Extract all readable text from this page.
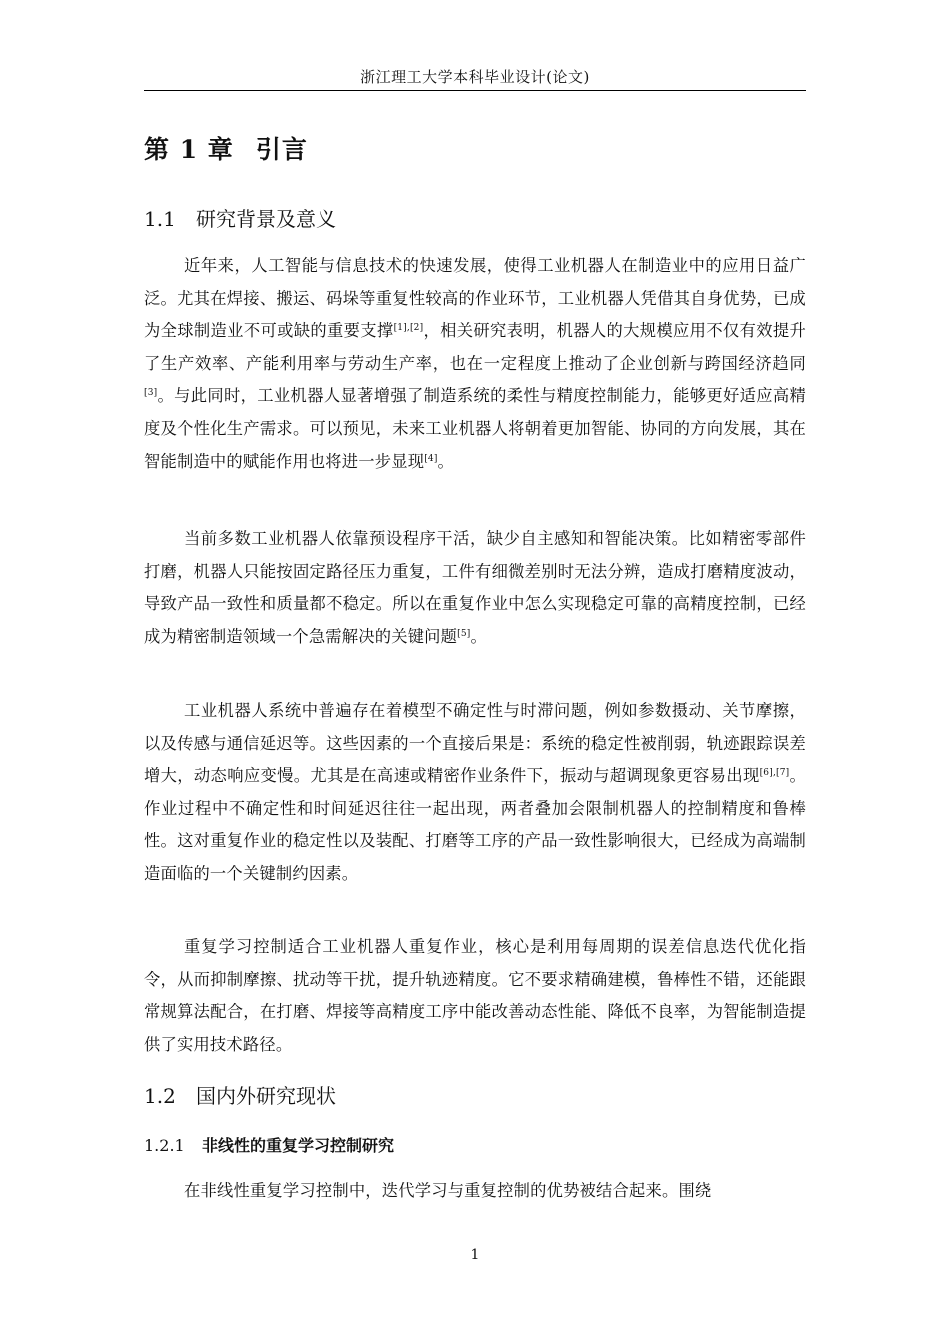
浙江理工大学本科毕业设计(论文)
第 1 章 引言
1.1 研究背景及意义

近年来，人工智能与信息技术的快速发展，使得工业机器人在制造业中的应用日益广泛。尤其在焊接、搬运、码垛等重复性较高的作业环节，工业机器人凭借其自身优势，已成为全球制造业不可或缺的重要支撑[1],[2]，相关研究表明，机器人的大规模应用不仅有效提升了生产效率、产能利用率与劳动生产率，也在一定程度上推动了企业创新与跨国经济趋同[3]。与此同时，工业机器人显著增强了制造系统的柔性与精度控制能力，能够更好适应高精度及个性化生产需求。可以预见，未来工业机器人将朝着更加智能、协同的方向发展，其在智能制造中的赋能作用也将进一步显现[4]。

当前多数工业机器人依靠预设程序干活，缺少自主感知和智能决策。比如精密零部件打磨，机器人只能按固定路径压力重复，工件有细微差别时无法分辨，造成打磨精度波动，导致产品一致性和质量都不稳定。所以在重复作业中怎么实现稳定可靠的高精度控制，已经成为精密制造领域一个急需解决的关键问题[5]。

工业机器人系统中普遍存在着模型不确定性与时滞问题，例如参数摄动、关节摩擦，以及传感与通信延迟等。这些因素的一个直接后果是：系统的稳定性被削弱，轨迹跟踪误差增大，动态响应变慢。尤其是在高速或精密作业条件下，振动与超调现象更容易出现[6],[7]。作业过程中不确定性和时间延迟往往一起出现，两者叠加会限制机器人的控制精度和鲁棒性。这对重复作业的稳定性以及装配、打磨等工序的产品一致性影响很大，已经成为高端制造面临的一个关键制约因素。

重复学习控制适合工业机器人重复作业，核心是利用每周期的误差信息迭代优化指令，从而抑制摩擦、扰动等干扰，提升轨迹精度。它不要求精确建模，鲁棒性不错，还能跟常规算法配合，在打磨、焊接等高精度工序中能改善动态性能、降低不良率，为智能制造提供了实用技术路径。

1.2 国内外研究现状
1.2.1 非线性的重复学习控制研究

在非线性重复学习控制中，迭代学习与重复控制的优势被结合起来。围绕

1
